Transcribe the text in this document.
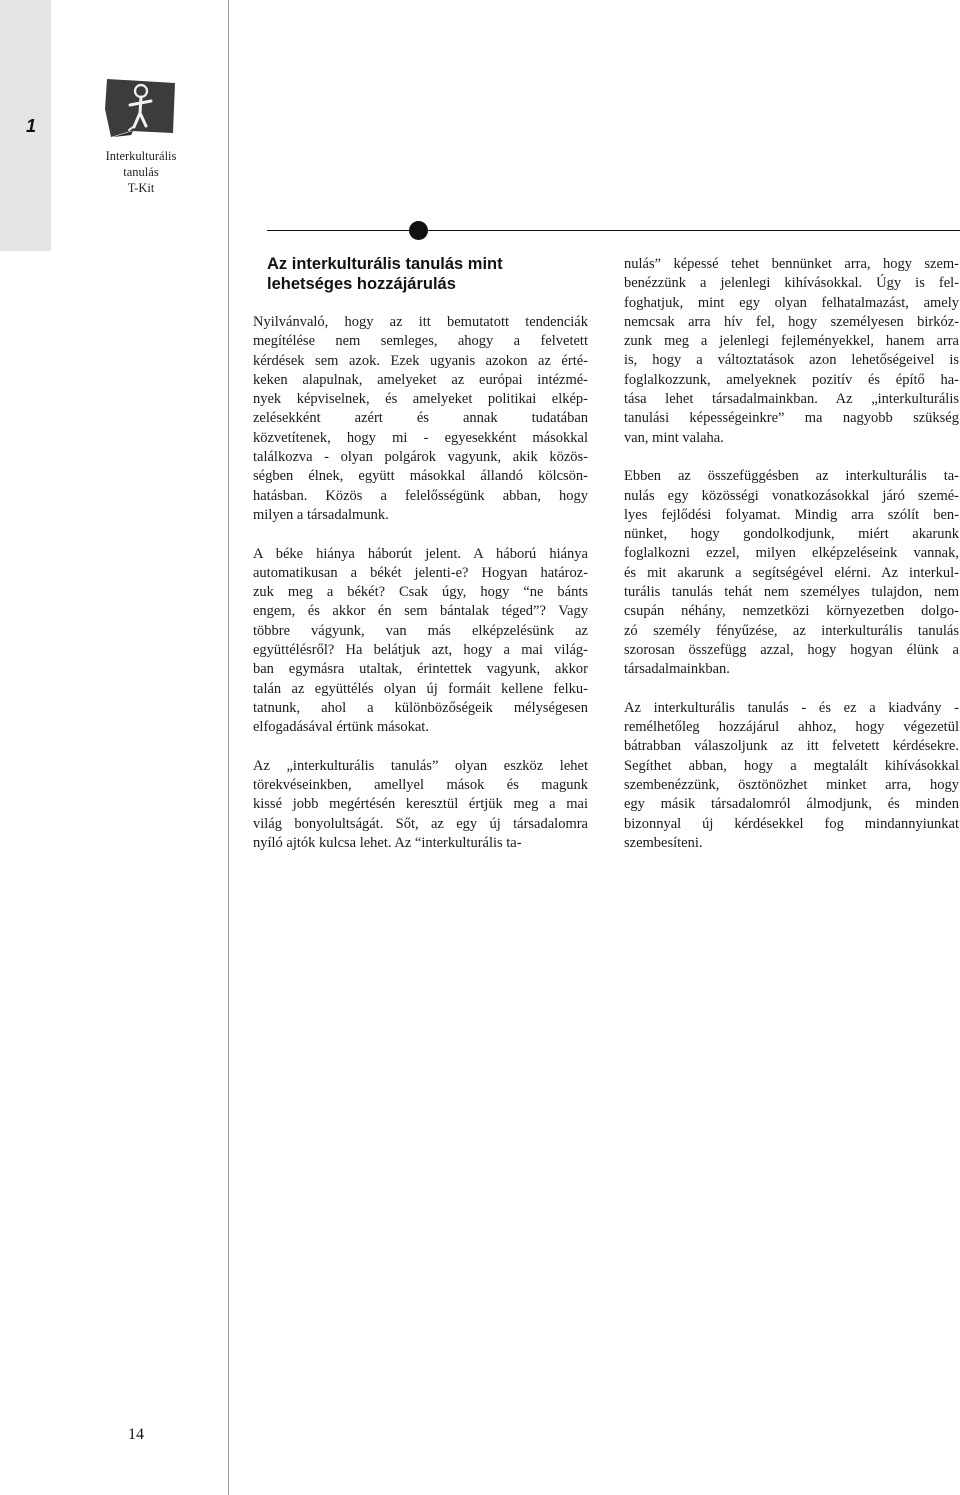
1
Interkulturális
tanulás
T-Kit
Az interkulturális tanulás mint
lehetséges hozzájárulás

Nyilvánvaló, hogy az itt bemutatott tendenciák
megítélése nem semleges, ahogy a felvetett
kérdések sem azok. Ezek ugyanis azokon az érté-
keken alapulnak, amelyeket az európai intézmé-
nyek képviselnek, és amelyeket politikai elkép-
zelésekként azért és annak tudatában
közvetítenek, hogy mi - egyesekként másokkal
találkozva - olyan polgárok vagyunk, akik közös-
ségben élnek, együtt másokkal állandó kölcsön-
hatásban. Közös a felelősségünk abban, hogy
milyen a társadalmunk.

A béke hiánya háborút jelent. A háború hiánya
automatikusan a békét jelenti-e? Hogyan határoz-
zuk meg a békét? Csak úgy, hogy “ne bánts
engem, és akkor én sem bántalak téged”? Vagy
többre vágyunk, van más elképzelésünk az
együttélésről? Ha belátjuk azt, hogy a mai világ-
ban egymásra utaltak, érintettek vagyunk, akkor
talán az együttélés olyan új formáit kellene felku-
tatnunk, ahol a különbözőségeik mélységesen
elfogadásával értünk másokat.

Az „interkulturális tanulás” olyan eszköz lehet
törekvéseinkben, amellyel mások és magunk
kissé jobb megértésén keresztül értjük meg a mai
világ bonyolultságát. Sőt, az egy új társadalomra
nyíló ajtók kulcsa lehet. Az “interkulturális ta-

nulás” képessé tehet bennünket arra, hogy szem-
benézzünk a jelenlegi kihívásokkal. Úgy is fel-
foghatjuk, mint egy olyan felhatalmazást, amely
nemcsak arra hív fel, hogy személyesen birkóz-
zunk meg a jelenlegi fejleményekkel, hanem arra
is, hogy a változtatások azon lehetőségeivel is
foglalkozzunk, amelyeknek pozitív és építő ha-
tása lehet társadalmainkban. Az „interkulturális
tanulási képességeinkre” ma nagyobb szükség
van, mint valaha.

Ebben az összefüggésben az interkulturális ta-
nulás egy közösségi vonatkozásokkal járó szemé-
lyes fejlődési folyamat. Mindig arra szólít ben-
nünket, hogy gondolkodjunk, miért akarunk
foglalkozni ezzel, milyen elképzeléseink vannak,
és mit akarunk a segítségével elérni. Az interkul-
turális tanulás tehát nem személyes tulajdon, nem
csupán néhány, nemzetközi környezetben dolgo-
zó személy fényűzése, az interkulturális tanulás
szorosan összefügg azzal, hogy hogyan élünk a
társadalmainkban.

Az interkulturális tanulás - és ez a kiadvány -
remélhetőleg hozzájárul ahhoz, hogy végezetül
bátrabban válaszoljunk az itt felvetett kérdésekre.
Segíthet abban, hogy a megtalált kihívásokkal
szembenézzünk, ösztönözhet minket arra, hogy
egy másik társadalomról álmodjunk, és minden
bizonnyal új kérdésekkel fog mindannyiunkat
szembesíteni.

14
